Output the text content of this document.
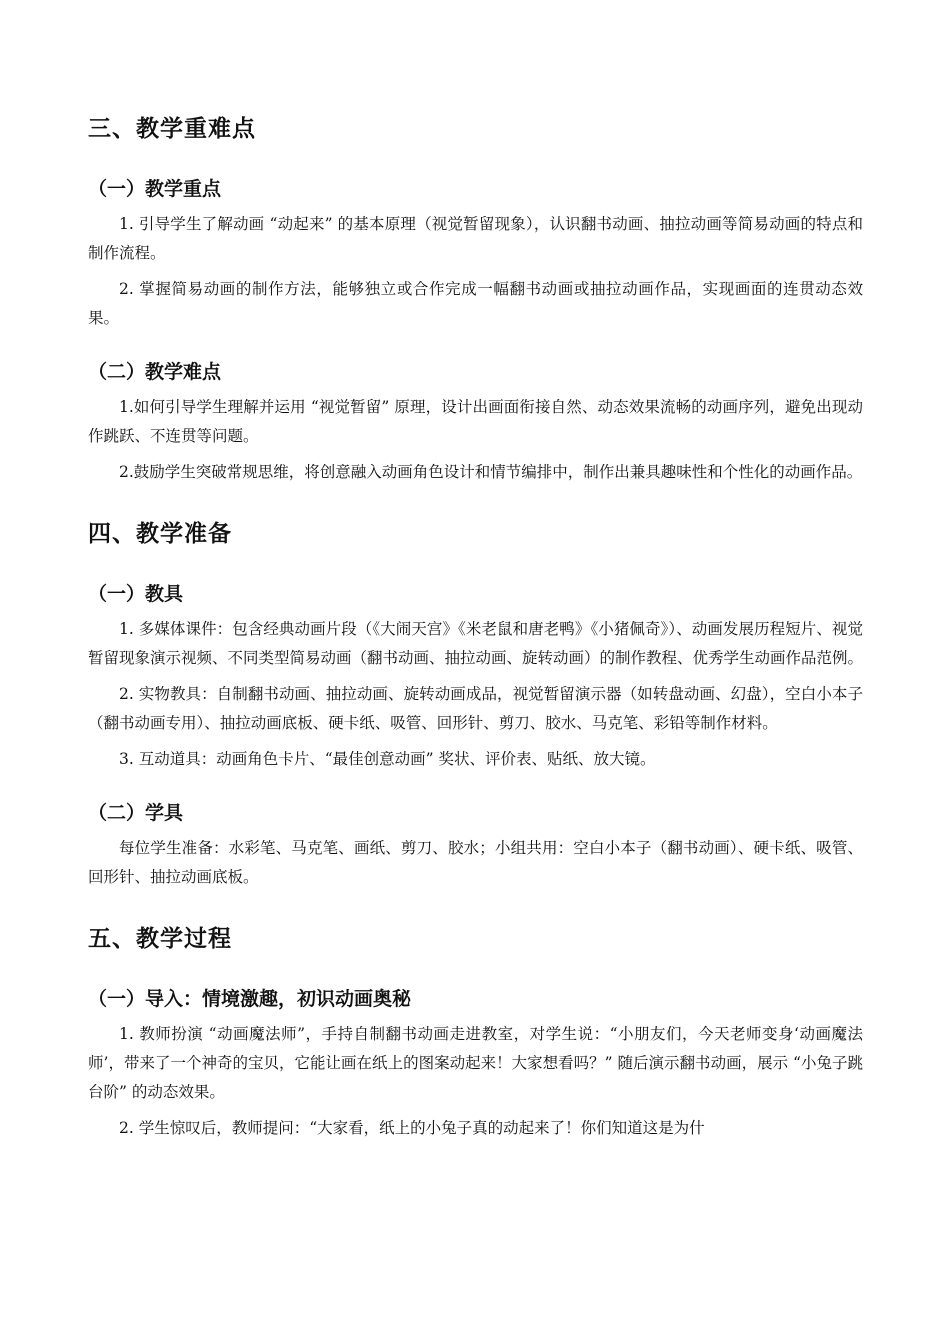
三、教学重难点
（一）教学重点

1. 引导学生了解动画 “动起来” 的基本原理（视觉暂留现象），认识翻书动画、抽拉动画等简易动画的特点和制作流程。

2. 掌握简易动画的制作方法，能够独立或合作完成一幅翻书动画或抽拉动画作品，实现画面的连贯动态效果。

（二）教学难点

1.如何引导学生理解并运用 “视觉暂留” 原理，设计出画面衔接自然、动态效果流畅的动画序列，避免出现动作跳跃、不连贯等问题。

2.鼓励学生突破常规思维，将创意融入动画角色设计和情节编排中，制作出兼具趣味性和个性化的动画作品。

四、教学准备
（一）教具

1. 多媒体课件：包含经典动画片段（《大闹天宫》《米老鼠和唐老鸭》《小猪佩奇》）、动画发展历程短片、视觉暂留现象演示视频、不同类型简易动画（翻书动画、抽拉动画、旋转动画）的制作教程、优秀学生动画作品范例。

2. 实物教具：自制翻书动画、抽拉动画、旋转动画成品，视觉暂留演示器（如转盘动画、幻盘），空白小本子（翻书动画专用）、抽拉动画底板、硬卡纸、吸管、回形针、剪刀、胶水、马克笔、彩铅等制作材料。

3. 互动道具：动画角色卡片、“最佳创意动画” 奖状、评价表、贴纸、放大镜。

（二）学具

每位学生准备：水彩笔、马克笔、画纸、剪刀、胶水；小组共用：空白小本子（翻书动画）、硬卡纸、吸管、回形针、抽拉动画底板。

五、教学过程
（一）导入：情境激趣，初识动画奥秘

1. 教师扮演 “动画魔法师”，手持自制翻书动画走进教室，对学生说：“小朋友们，今天老师变身‘动画魔法师’，带来了一个神奇的宝贝，它能让画在纸上的图案动起来！大家想看吗？” 随后演示翻书动画，展示 “小兔子跳台阶” 的动态效果。

2. 学生惊叹后，教师提问：“大家看，纸上的小兔子真的动起来了！你们知道这是为什
